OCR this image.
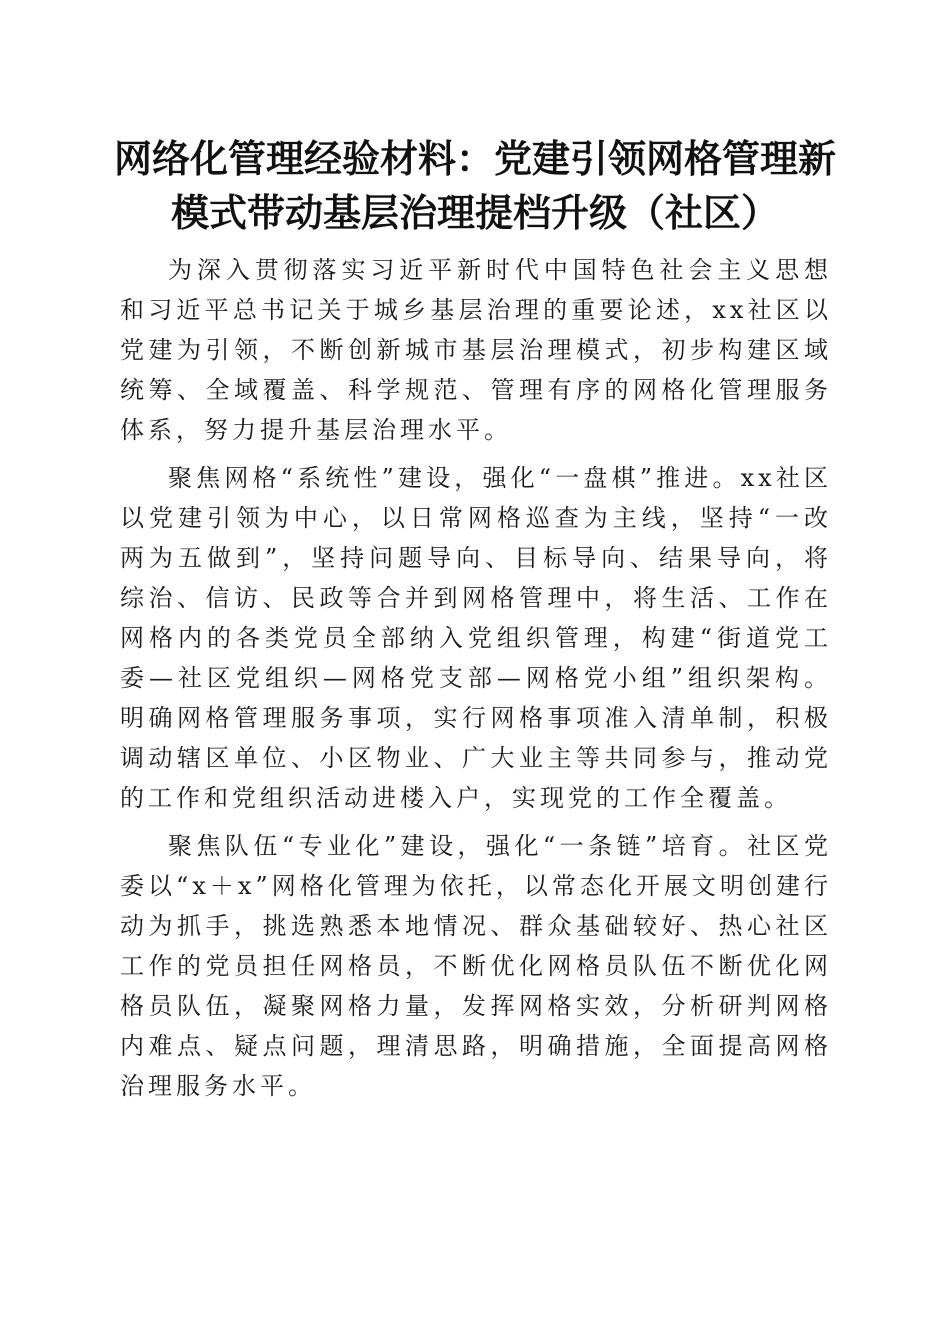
网络化管理经验材料：党建引领网格管理新模式带动基层治理提档升级（社区）

为深入贯彻落实习近平新时代中国特色社会主义思想和习近平总书记关于城乡基层治理的重要论述，xx社区以党建为引领，不断创新城市基层治理模式，初步构建区域统筹、全域覆盖、科学规范、管理有序的网格化管理服务体系，努力提升基层治理水平。

聚焦网格“系统性”建设，强化“一盘棋”推进。xx社区以党建引领为中心，以日常网格巡查为主线，坚持“一改两为五做到”，坚持问题导向、目标导向、结果导向，将综治、信访、民政等合并到网格管理中，将生活、工作在网格内的各类党员全部纳入党组织管理，构建“街道党工委—社区党组织—网格党支部—网格党小组”组织架构。明确网格管理服务事项，实行网格事项准入清单制，积极调动辖区单位、小区物业、广大业主等共同参与，推动党的工作和党组织活动进楼入户，实现党的工作全覆盖。

聚焦队伍“专业化”建设，强化“一条链”培育。社区党委以“x＋x”网格化管理为依托，以常态化开展文明创建行动为抓手，挑选熟悉本地情况、群众基础较好、热心社区工作的党员担任网格员，不断优化网格员队伍不断优化网格员队伍，凝聚网格力量，发挥网格实效，分析研判网格内难点、疑点问题，理清思路，明确措施，全面提高网格治理服务水平。
